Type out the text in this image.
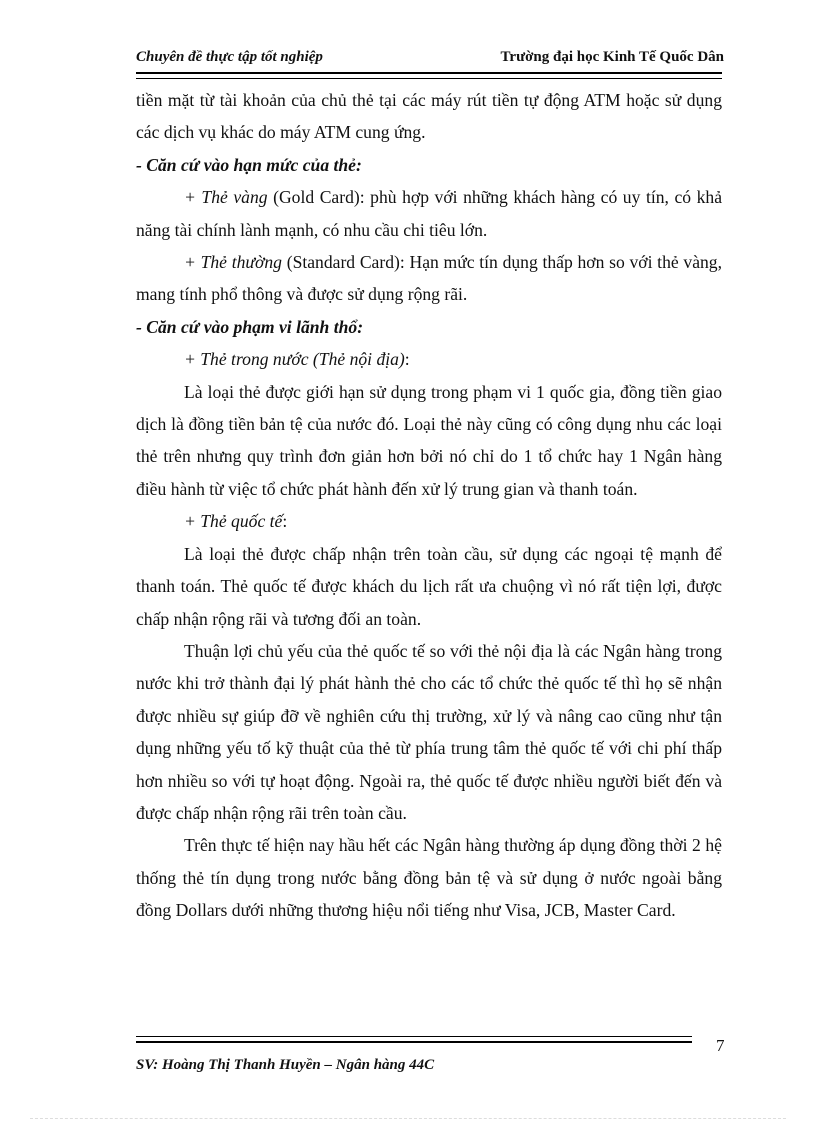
Chuyên đề thực tập tốt nghiệp	Trường đại học Kinh Tế Quốc Dân

tiền mặt từ tài khoản của chủ thẻ tại các máy rút tiền tự động ATM hoặc sử dụng các dịch vụ khác do máy ATM cung ứng.

- Căn cứ vào hạn mức của thẻ:

+ Thẻ vàng (Gold Card): phù hợp với những khách hàng có uy tín, có khả năng tài chính lành mạnh, có nhu cầu chi tiêu lớn.

+ Thẻ thường (Standard Card): Hạn mức tín dụng thấp hơn so với thẻ vàng, mang tính phổ thông và được sử dụng rộng rãi.

- Căn cứ vào phạm vi lãnh thổ:

+ Thẻ trong nước (Thẻ nội địa):

Là loại thẻ được giới hạn sử dụng trong phạm vi 1 quốc gia, đồng tiền giao dịch là đồng tiền bản tệ của nước đó. Loại thẻ này cũng có công dụng nhu các loại thẻ trên nhưng quy trình đơn giản hơn bởi nó chỉ do 1 tổ chức hay 1 Ngân hàng điều hành từ việc tổ chức phát hành đến xử lý trung gian và thanh toán.

+ Thẻ quốc tế:

Là loại thẻ được chấp nhận trên toàn cầu, sử dụng các ngoại tệ mạnh để thanh toán. Thẻ quốc tế được khách du lịch rất ưa chuộng vì nó rất tiện lợi, được chấp nhận rộng rãi và tương đối an toàn.

Thuận lợi chủ yếu của thẻ quốc tế so với thẻ nội địa là các Ngân hàng trong nước khi trở thành đại lý phát hành thẻ cho các tổ chức thẻ quốc tế thì họ sẽ nhận được nhiều sự giúp đỡ về nghiên cứu thị trường, xử lý và nâng cao cũng như tận dụng những yếu tố kỹ thuật của thẻ từ phía trung tâm thẻ quốc tế với chi phí thấp hơn nhiều so với tự hoạt động. Ngoài ra, thẻ quốc tế được nhiều người biết đến và được chấp nhận rộng rãi trên toàn cầu.

Trên thực tế hiện nay hầu hết các Ngân hàng thường áp dụng đồng thời 2 hệ thống thẻ tín dụng trong nước bằng đồng bản tệ và sử dụng ở nước ngoài bằng đồng Dollars dưới những thương hiệu nổi tiếng như Visa, JCB, Master Card.

7
SV: Hoàng Thị Thanh Huyền – Ngân hàng 44C
